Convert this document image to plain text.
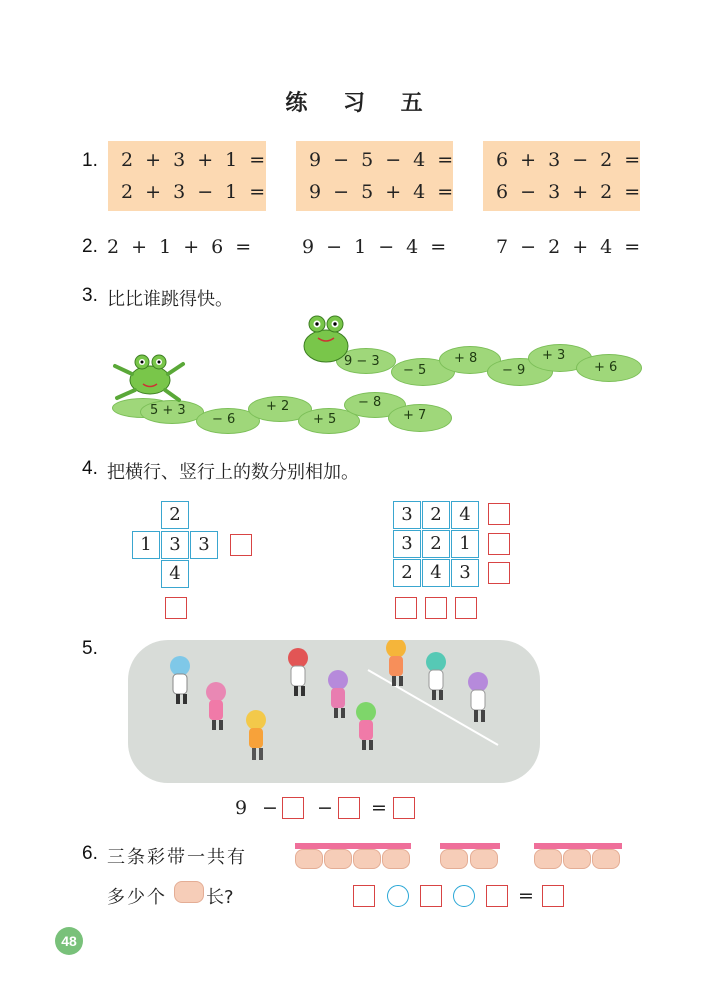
练 习 五
1. 2 + 3 + 1 =
2 + 3 − 1 =
9 − 5 − 4 =
9 − 5 + 4 =
6 + 3 − 2 =
6 − 3 + 2 =
2. 2 + 1 + 6 =	9 − 1 − 4 = 7 − 2 + 4 =
3. 比比谁跳得快。
9 − 3
− 5
+ 8
− 9
+ 3
+ 6
5 + 3
− 6
+ 2
+ 5
− 8
+ 7
4. 把横行、竖行上的数分别相加。
2
1 3 3
4
3 2 4
3 2 1
2 4 3
5.
9 − − =
6. 三条彩带一共有
多少个 长?	=
48
